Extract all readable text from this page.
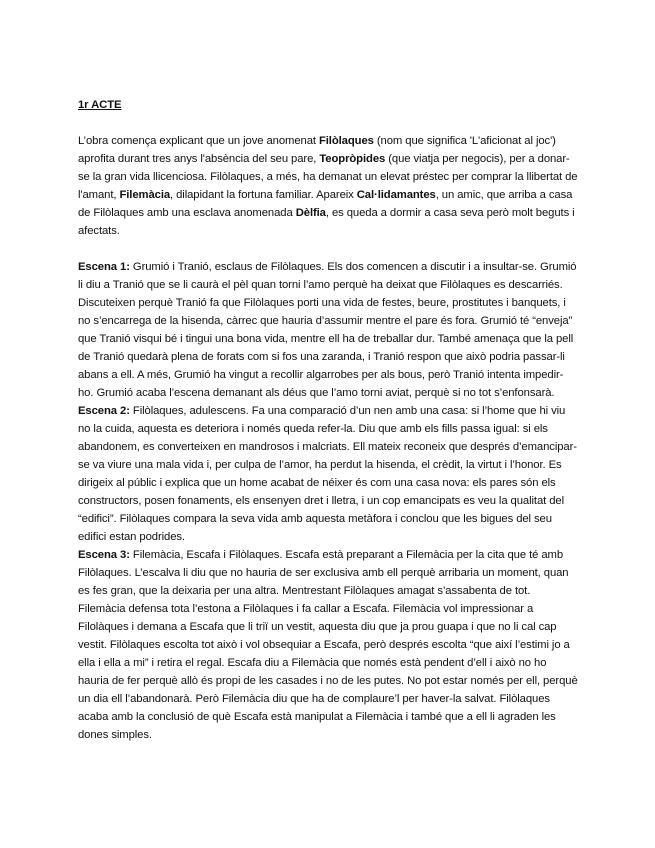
1r ACTE

L’obra comença explicant que un jove anomenat Filòlaques (nom que significa 'L'aficionat al joc') aprofita durant tres anys l'absència del seu pare, Teopròpides (que viatja per negocis), per a donar-se la gran vida llicenciosa. Filòlaques, a més, ha demanat un elevat préstec per comprar la llibertat de l'amant, Filemàcia, dilapidant la fortuna familiar. Apareix Cal·lidamantes, un amic, que arriba a casa de Filòlaques amb una esclava anomenada Dèlfia, es queda a dormir a casa seva però molt beguts i afectats.

Escena 1: Grumió i Tranió, esclaus de Filòlaques. Els dos comencen a discutir i a insultar-se. Grumió li diu a Tranió que se li caurà el pèl quan torni l’amo perquè ha deixat que Filòlaques es descarriés. Discuteixen perquè Tranió fa que Filòlaques porti una vida de festes, beure, prostitutes i banquets, i no s’encarrega de la hisenda, càrrec que hauria d’assumir mentre el pare és fora. Grumió té “enveja” que Tranió visqui bé i tingui una bona vida, mentre ell ha de treballar dur. També amenaça que la pell de Tranió quedarà plena de forats com si fos una zaranda, i Tranió respon que això podria passar-li abans a ell. A més, Grumió ha vingut a recollir algarrobes per als bous, però Tranió intenta impedir-ho. Grumió acaba l’escena demanant als déus que l’amo torni aviat, perquè si no tot s’enfonsarà.

Escena 2: Filòlaques, adulescens. Fa una comparació d’un nen amb una casa: si l’home que hi viu no la cuida, aquesta es deteriora i només queda refer-la. Diu que amb els fills passa igual: si els abandonem, es converteixen en mandrosos i malcriats. Ell mateix reconeix que després d’emancipar-se va viure una mala vida i, per culpa de l’amor, ha perdut la hisenda, el crèdit, la virtut i l’honor. Es dirigeix al públic i explica que un home acabat de néixer és com una casa nova: els pares són els constructors, posen fonaments, els ensenyen dret i lletra, i un cop emancipats es veu la qualitat del “edifici”. Filòlaques compara la seva vida amb aquesta metàfora i conclou que les bigues del seu edifici estan podrides.

Escena 3: Filemàcia, Escafa i Filòlaques. Escafa està preparant a Filemàcia per la cita que té amb Filòlaques. L’escalva li diu que no hauria de ser exclusiva amb ell perquè arribaria un moment, quan es fes gran, que la deixaria per una altra. Mentrestant Filòlaques amagat s’assabenta de tot. Filemàcia defensa tota l’estona a Filòlaques i fa callar a Escafa. Filemàcia vol impressionar a Filolàques i demana a Escafa que li triï un vestit, aquesta diu que ja prou guapa i que no li cal cap vestit. Filòlaques escolta tot això i vol obsequiar a Escafa, però després escolta “que així l’estimi jo a ella i ella a mi” i retira el regal. Escafa diu a Filemàcia que només està pendent d’ell i això no ho hauria de fer perquè allò és propi de les casades i no de les putes. No pot estar només per ell, perquè un dia ell l’abandonarà. Però Filemàcia diu que ha de complaure’l per haver-la salvat. Filòlaques acaba amb la conclusió de què Escafa està manipulat a Filemàcia i també que a ell li agraden les dones simples.
